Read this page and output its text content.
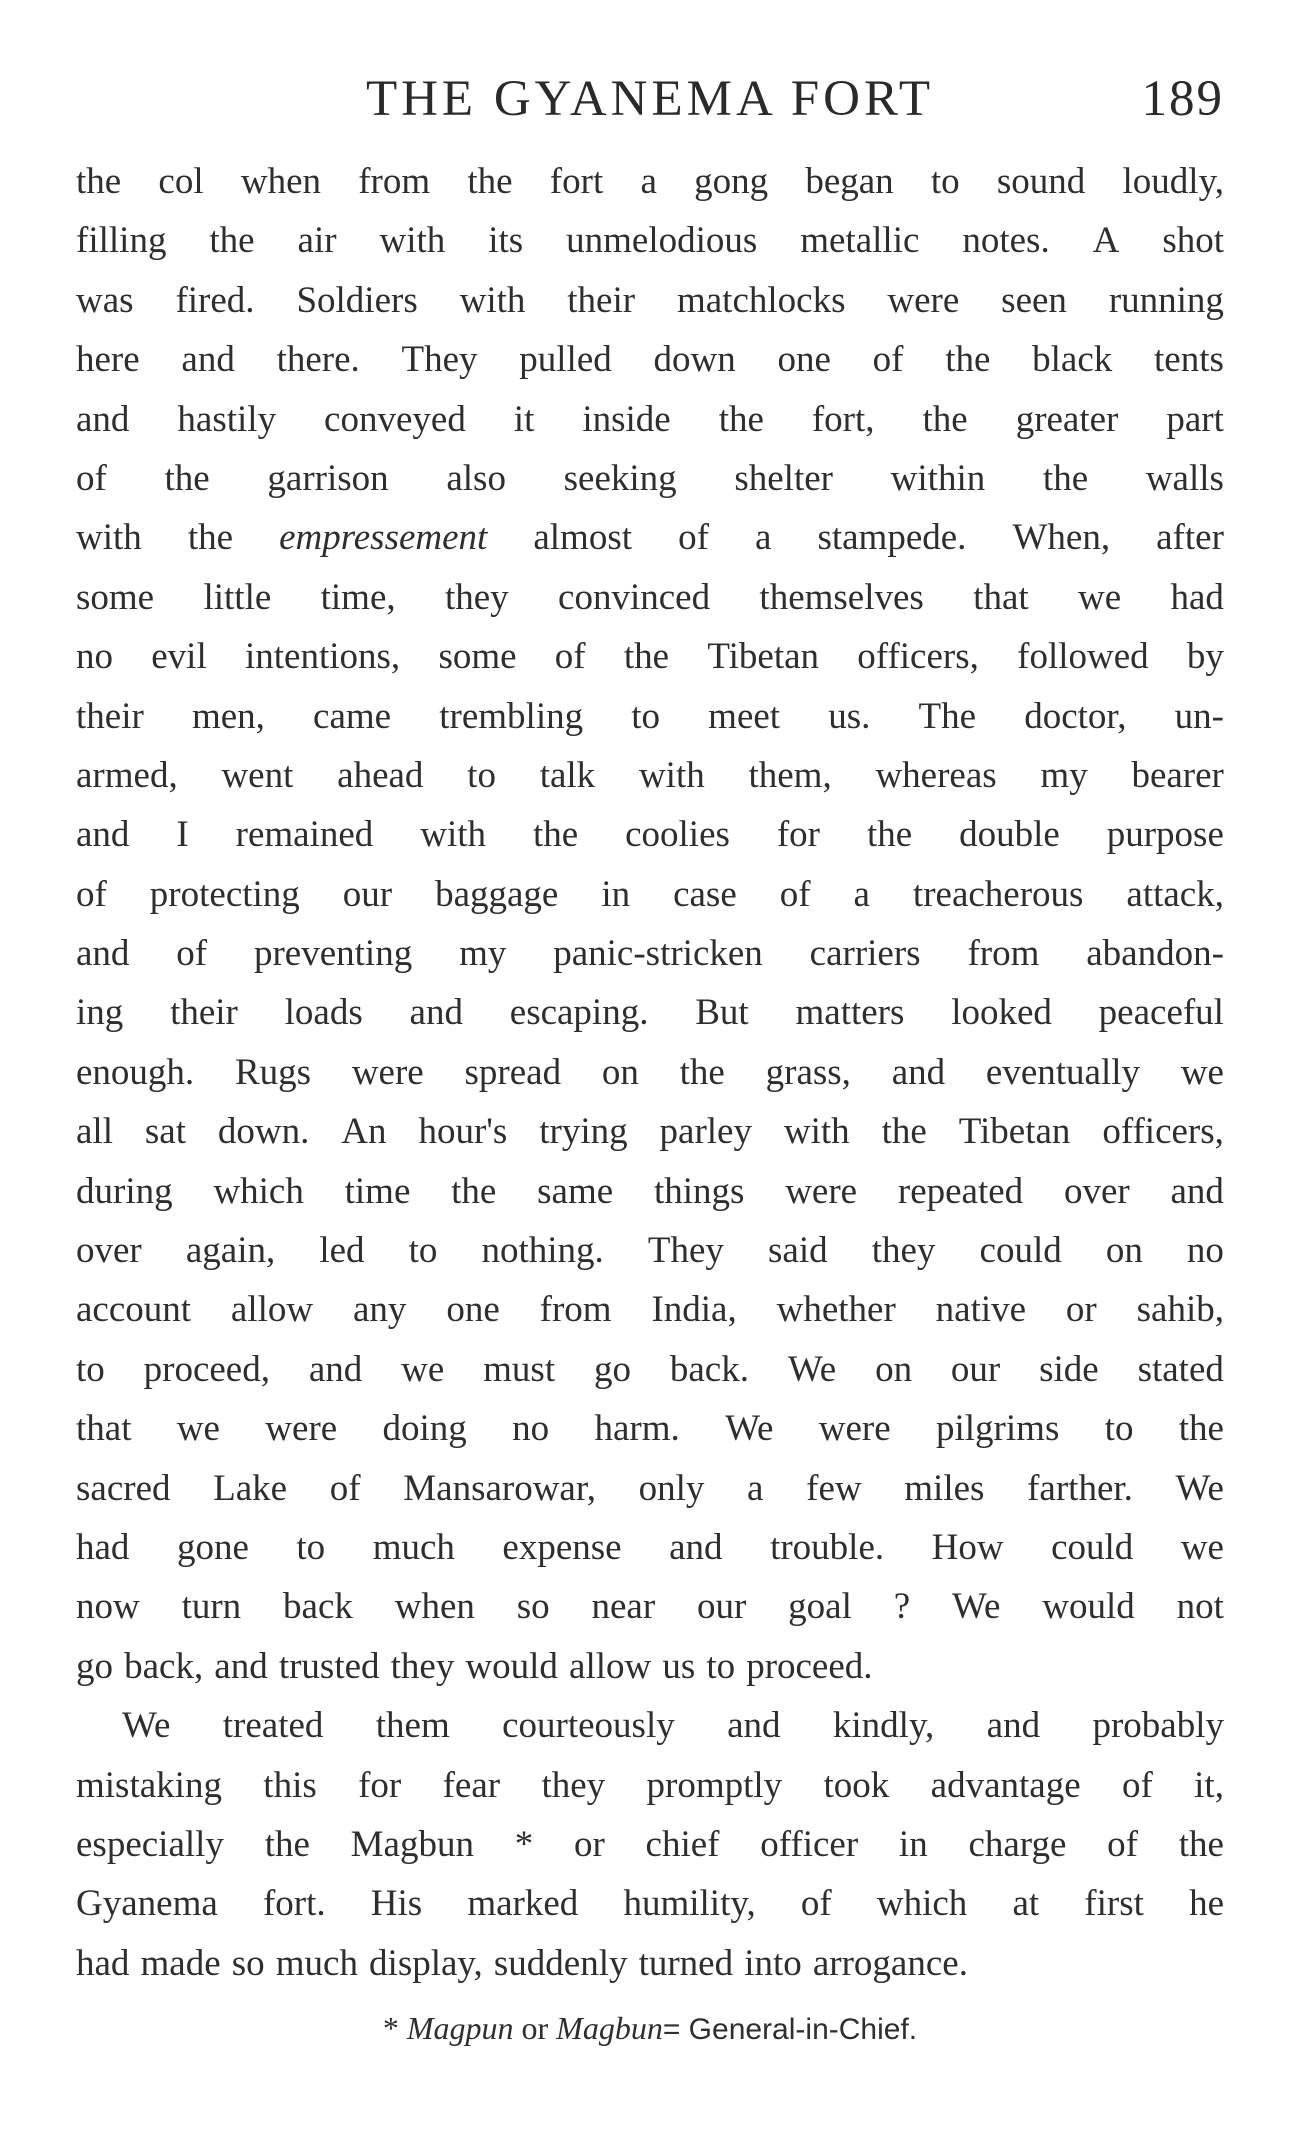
THE GYANEMA FORT	189
the col when from the fort a gong began to sound loudly,
filling the air with its unmelodious metallic notes. A shot
was fired. Soldiers with their matchlocks were seen running
here and there. They pulled down one of the black tents
and hastily conveyed it inside the fort, the greater part
of the garrison also seeking shelter within the walls
with the empressement almost of a stampede. When, after
some little time, they convinced themselves that we had
no evil intentions, some of the Tibetan officers, followed by
their men, came trembling to meet us. The doctor, un-
armed, went ahead to talk with them, whereas my bearer
and I remained with the coolies for the double purpose
of protecting our baggage in case of a treacherous attack,
and of preventing my panic-stricken carriers from abandon-
ing their loads and escaping. But matters looked peaceful
enough. Rugs were spread on the grass, and eventually we
all sat down. An hour's trying parley with the Tibetan officers,
during which time the same things were repeated over and
over again, led to nothing. They said they could on no
account allow any one from India, whether native or sahib,
to proceed, and we must go back. We on our side stated
that we were doing no harm. We were pilgrims to the
sacred Lake of Mansarowar, only a few miles farther. We
had gone to much expense and trouble. How could we
now turn back when so near our goal ? We would not
go back, and trusted they would allow us to proceed.
We treated them courteously and kindly, and probably
mistaking this for fear they promptly took advantage of it,
especially the Magbun * or chief officer in charge of the
Gyanema fort. His marked humility, of which at first he
had made so much display, suddenly turned into arrogance.
* Magpun or Magbun= General-in-Chief.
